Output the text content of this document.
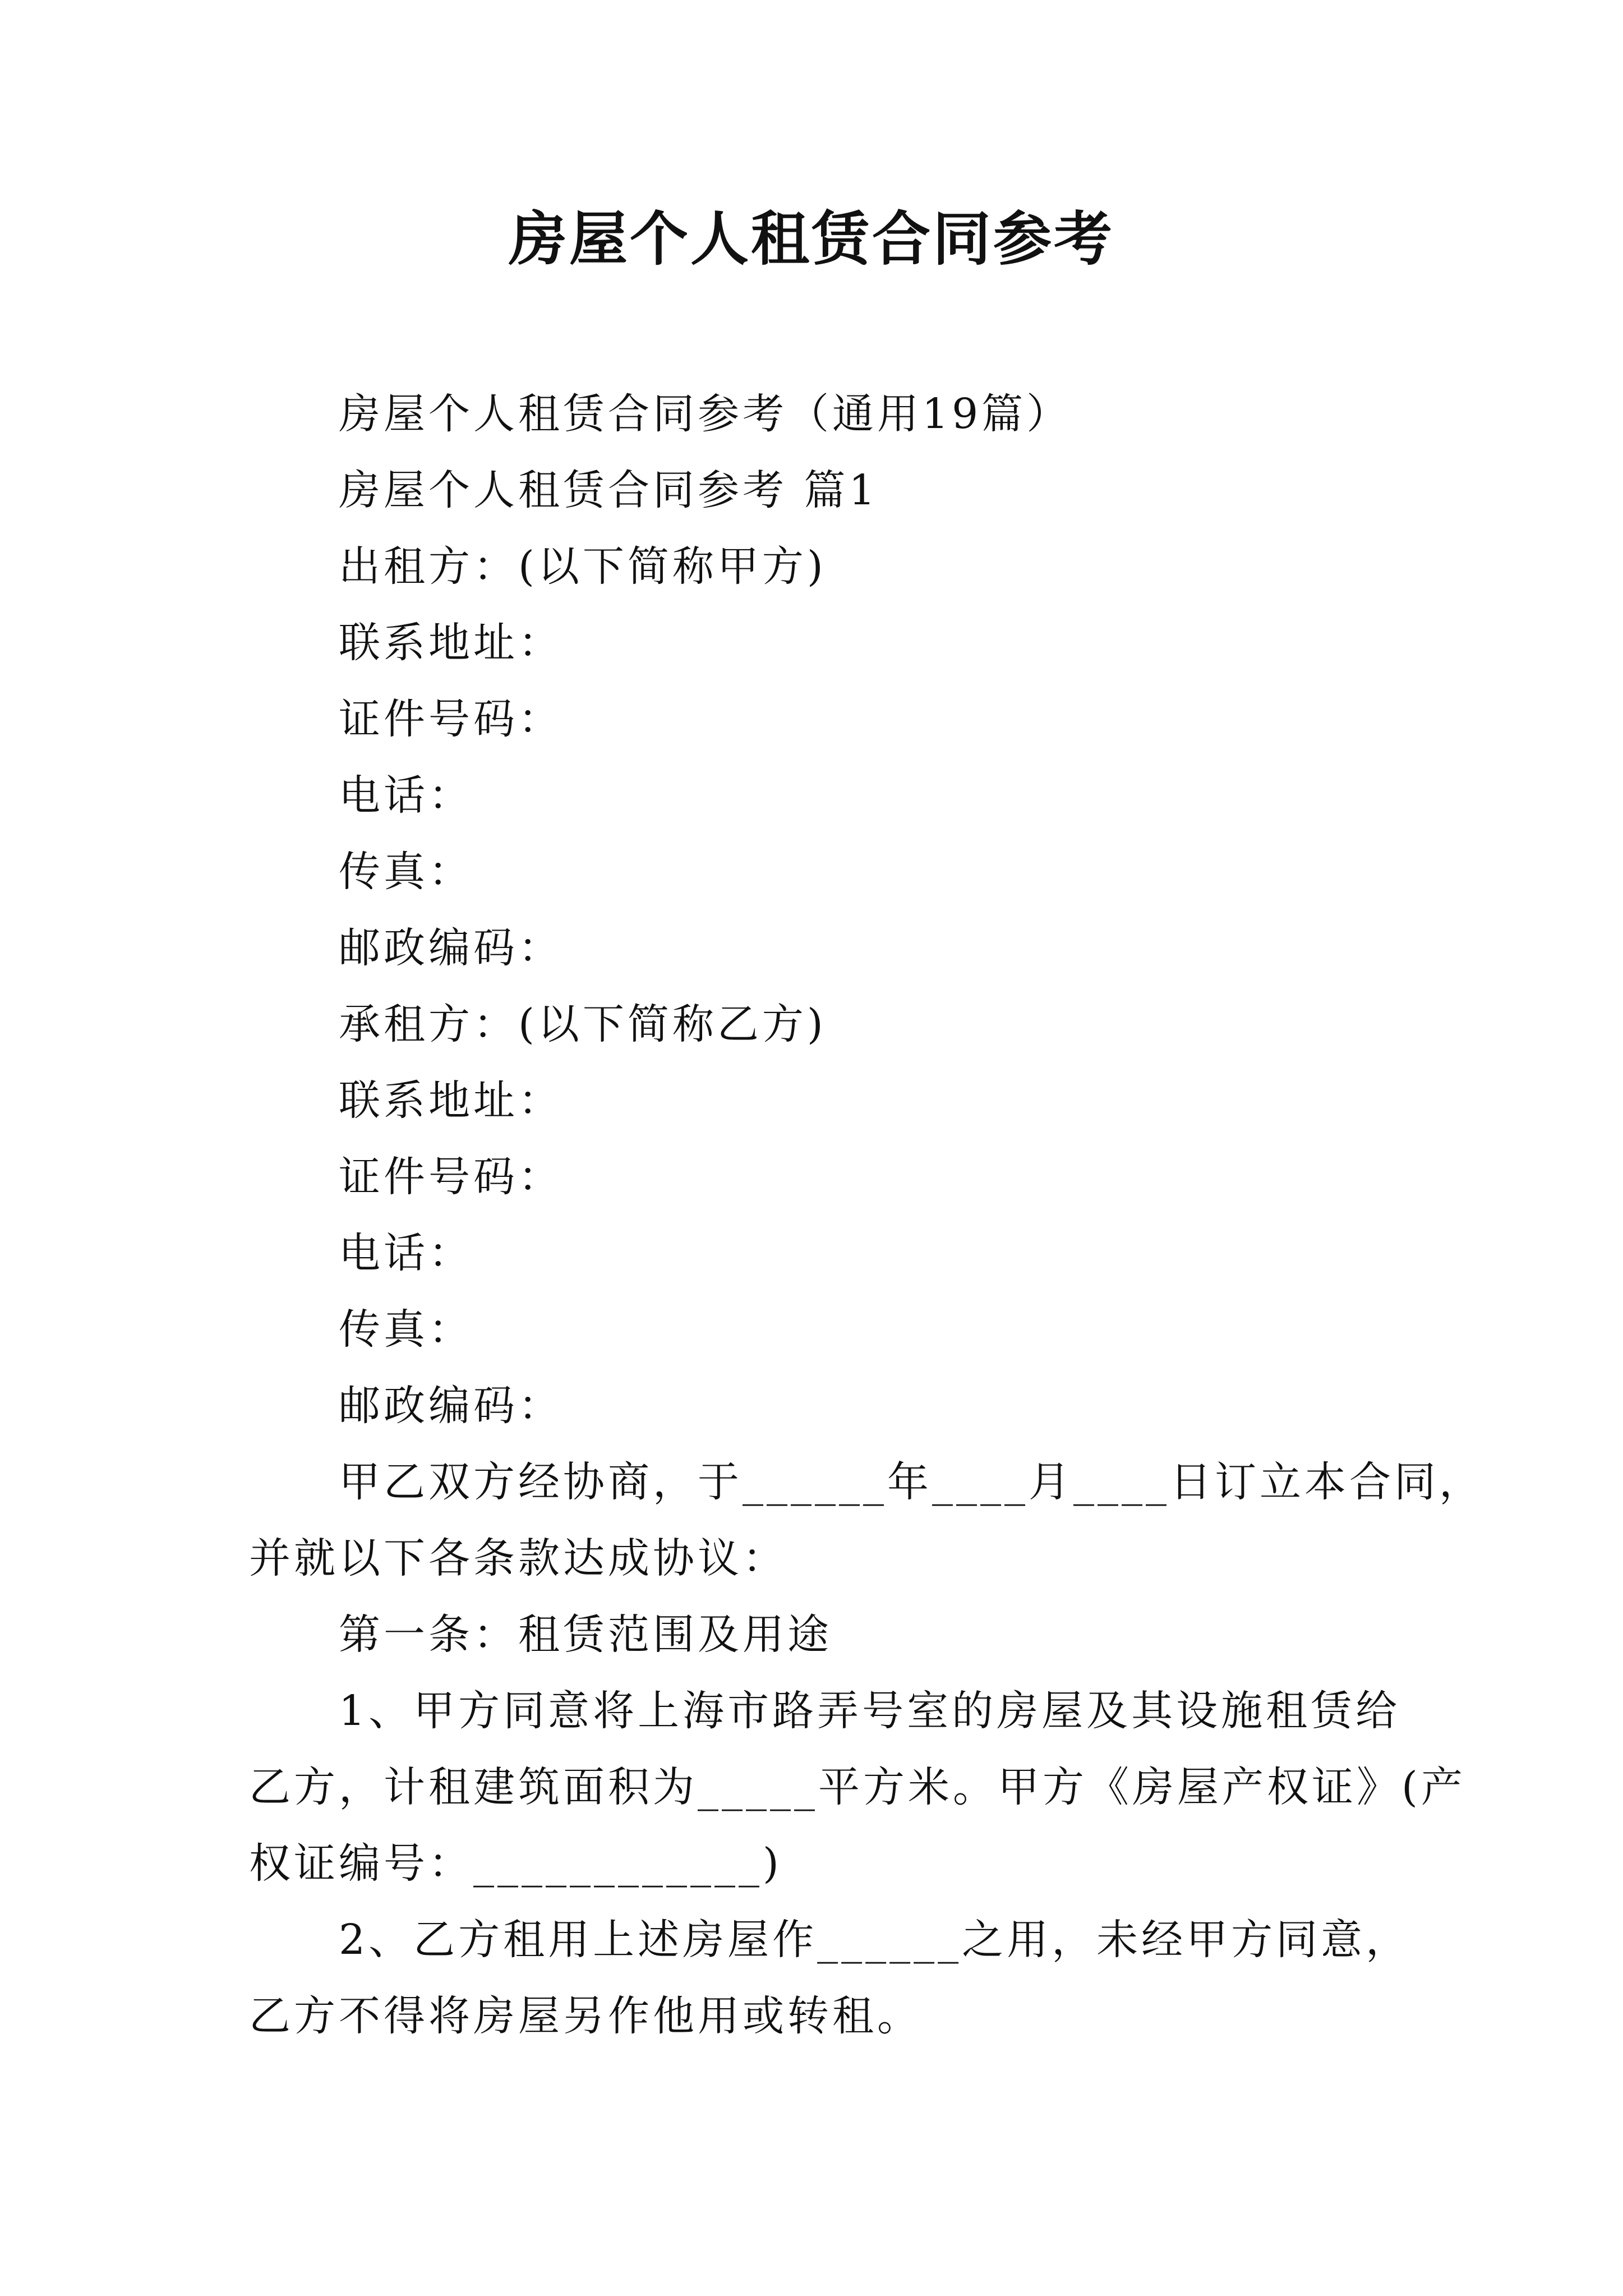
房屋个人租赁合同参考
房屋个人租赁合同参考（通用19篇）
房屋个人租赁合同参考 篇1
出租方：(以下简称甲方)
联系地址：
证件号码：
电话：
传真：
邮政编码：
承租方：(以下简称乙方)
联系地址：
证件号码：
电话：
传真：
邮政编码：
甲乙双方经协商，于______年____月____日订立本合同，
并就以下各条款达成协议：
第一条：租赁范围及用途
1、甲方同意将上海市路弄号室的房屋及其设施租赁给
乙方，计租建筑面积为_____平方米。甲方《房屋产权证》(产
权证编号：____________)
2、乙方租用上述房屋作______之用，未经甲方同意，
乙方不得将房屋另作他用或转租。
